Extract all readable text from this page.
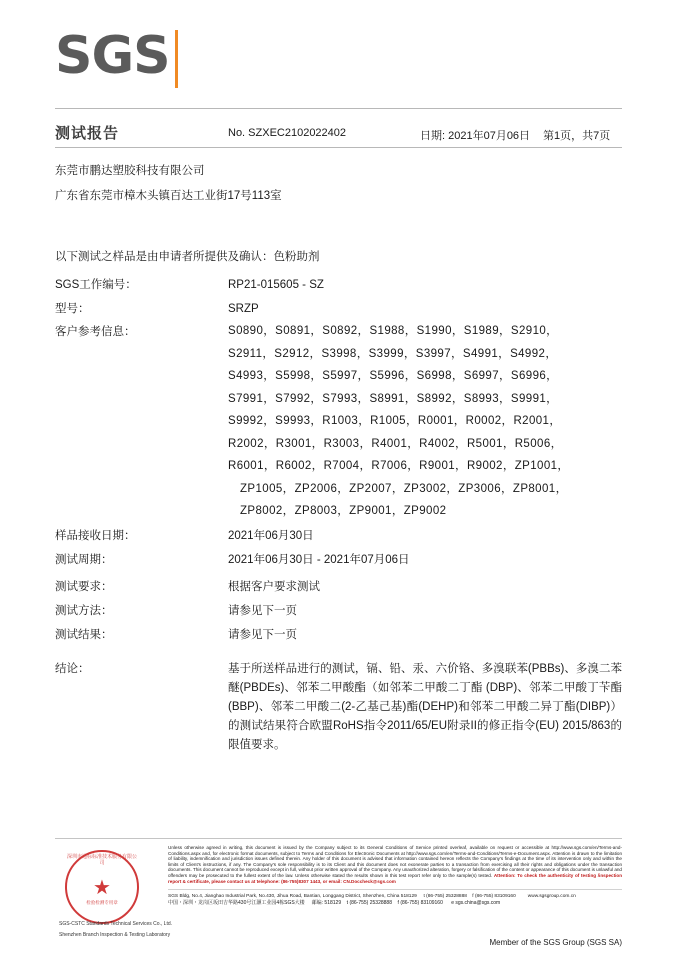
SGS
测试报告	No. SZXEC2102022402	日期: 2021年07月06日 第1页，共7页
东莞市鹏达塑胶科技有限公司
广东省东莞市樟木头镇百达工业街17号113室
以下测试之样品是由申请者所提供及确认：色粉助剂
SGS工作编号：	RP21-015605 - SZ
型号：	SRZP
客户参考信息：	S0890，S0891，S0892，S1988，S1990，S1989，S2910，
S2911，S2912，S3998，S3999，S3997，S4991，S4992，
S4993，S5998，S5997，S5996，S6998，S6997，S6996，
S7991，S7992，S7993，S8991，S8992，S8993，S9991，
S9992，S9993，R1003，R1005，R0001，R0002，R2001，
R2002，R3001，R3003，R4001，R4002，R5001，R5006，
R6001，R6002，R7004，R7006，R9001，R9002，ZP1001，
ZP1005，ZP2006，ZP2007，ZP3002，ZP3006，ZP8001，
ZP8002，ZP8003，ZP9001，ZP9002
样品接收日期：	2021年06月30日
测试周期：	2021年06月30日 - 2021年07月06日
测试要求：	根据客户要求测试
测试方法：	请参见下一页
测试结果：	请参见下一页
结论：	基于所送样品进行的测试，镉、铅、汞、六价铬、多溴联苯(PBBs)、多溴二苯醚(PBDEs)、邻苯二甲酸酯（如邻苯二甲酸二丁酯 (DBP)、邻苯二甲酸丁苄酯(BBP)、邻苯二甲酸二(2-乙基己基)酯(DEHP)和邻苯二甲酸二异丁酯(DIBP)）的测试结果符合欧盟RoHS指令2011/65/EU附录II的修正指令(EU) 2015/863的限值要求。
深圳市通标标准技术服务有限公司
★
检验检测专用章
SGS-CSTC Standards Technical Services Co., Ltd.
Shenzhen Branch Inspection & Testing Laboratory
Unless otherwise agreed in writing, this document is issued by the Company subject to its General Conditions of Service printed overleaf, available on request or accessible at http://www.sgs.com/en/Terms-and-Conditions.aspx and, for electronic format documents, subject to Terms and Conditions for Electronic Documents at http://www.sgs.com/en/Terms-and-Conditions/Terms-e-Document.aspx. Attention is drawn to the limitation of liability, indemnification and jurisdiction issues defined therein. Any holder of this document is advised that information contained hereon reflects the Company's findings at the time of its intervention only and within the limits of Client's instructions, if any. The Company's sole responsibility is to its Client and this document does not exonerate parties to a transaction from exercising all their rights and obligations under the transaction documents. This document cannot be reproduced except in full, without prior written approval of the Company. Any unauthorized alteration, forgery or falsification of the content or appearance of this document is unlawful and offenders may be prosecuted to the fullest extent of the law. Unless otherwise stated the results shown in this test report refer only to the sample(s) tested. Attention: To check the authenticity of testing /inspection report & certificate, please contact us at telephone: (86-755)8307 1443, or email: CN.Doccheck@sgs.com
SGS Bldg, No.4, Jianghao Industrial Park, No.430, Jihua Road, Bantian, Longgang District, Shenzhen, China 518129 t (86-755) 25328888 f (86-755) 83109160	www.sgsgroup.com.cn
中国・深圳・龙岗区坂田吉华路430号江灏工业园4栋SGS大楼 邮编: 518129 t (86-755) 25328888 f (86-755) 83109160 e sgs.china@sgs.com
Member of the SGS Group (SGS SA)
